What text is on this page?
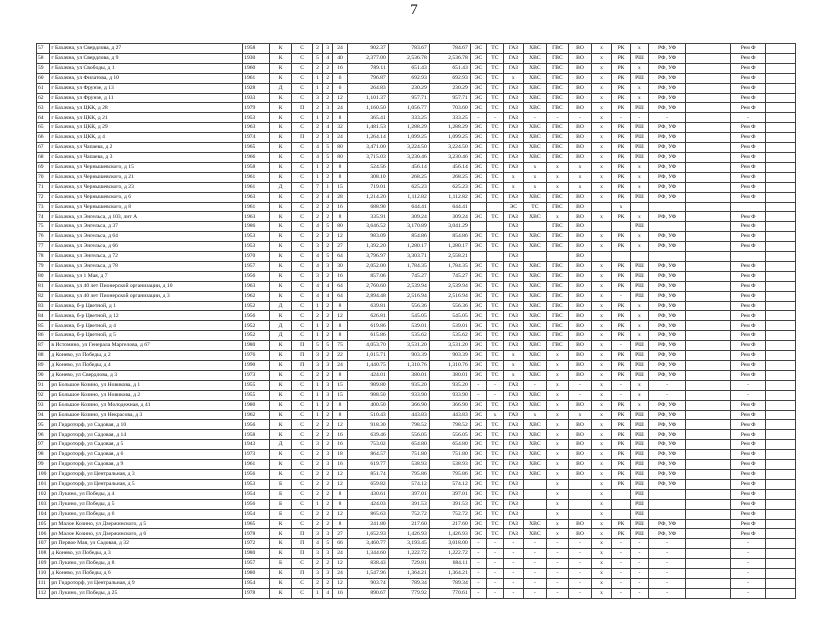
7
57	г Бахачна, ул Свердлова, д 27	1958	К	С	2	3	24	902.37	783.67	784.67	ЭС	ТС	ГАЗ	ХВС	ГВС	ВО	х	РК	х	РФ, УФ		Рем Ф	
58	г Бахачна, ул Свердлова, д 9	1930	К	С	5	4	40	2,377.00	2,536.78	2,536.78	ЭС	ТС	ГАЗ	ХВС	ГВС	ВО	х	РК	РШ	РФ, УФ		Рем Ф	
59	г Бахачна, ул Свободы, д 1	1960	К	С	2	2	16	789.11	651.43	651.43	ЭС	ТС	ГАЗ	ХВС	ГВС	ВО	х	РК	х	РФ, УФ		Рем Ф	
60	г Бахачна, ул Филатова, д 10	1961	К	С	1	2	6	796.87	692.93	692.93	ЭС	ТС	х	ХВС	ГВС	ВО	х	РК	РШ	РФ, УФ		Рем Ф	
61	г Бахачна, ул Фрунзе, д 13	1928	Д	С	1	2	6	264.83	230.29	230.29	ЭС	ТС	ГАЗ	ХВС	ГВС	ВО	х	РК	х	РФ, УФ		Рем Ф	
62	г Бахачна, ул Фрунзе, д 11	1933	К	С	3	2	12	1,101.37	957.71	957.71	ЭС	ТС	ГАЗ	ХВС	ГВС	ВО	х	РК	х	РФ, УФ		Рем Ф	
63	г Бахачна, ул ЦКК, д 28	1979	К	П	2	3	24	1,160.50	1,056.77	703.60	ЭС	ТС	ГАЗ	ХВС	ГВС	ВО	х	РК	РШ	РФ, УФ		Рем Ф	
64	г Бахачна, ул ЦКК, д 21	1953	К	С	1	2	8	365.41	333.25	333.25	-	-	ГАЗ	-	-	-	х	-	-	-		-	
65	г Бахачна, ул ЦКК, д 29	1963	К	С	2	4	32	1,481.53	1,288.29	1,288.29	ЭС	ТС	ГАЗ	ХВС	ГВС	ВО	х	РК	РШ	РФ, УФ		Рем Ф	
66	г Бахачна, ул ЦКК, д 4	1974	К	П	2	3	24	1,264.14	1,099.25	1,099.25	ЭС	ТС	ГАЗ	ХВС	ГВС	ВО	х	РК	РШ	РФ, УФ		Рем Ф	
67	г Бахачна, ул Чапаева, д 2	1965	К	С	4	5	80	3,471.00	3,224.50	3,224.50	ЭС	ТС	ГАЗ	ХВС	ГВС	ВО	х	РК	РШ	РФ, УФ		Рем Ф	
68	г Бахачна, ул Чапаева, д 3	1966	К	С	4	5	80	3,715.03	3,230.46	3,230.46	ЭС	ТС	ГАЗ	ХВС	ГВС	ВО	х	РК	РШ	РФ, УФ		Рем Ф	
69	г Бахачна, ул Чернышевского, д 15	1958	К	С	1	2	8	524.56	456.14	456.14	ЭС	ТС	ГАЗ	х	х	х	х	РК	х	РФ, УФ		Рем Ф	
70	г Бахачна, ул Чернышевского, д 21	1961	К	С	1	2	8	308.10	268.25	268.25	ЭС	ТС	х	х	х	х	х	РК	х	РФ, УФ		Рем Ф	
71	г Бахачна, ул Чернышевского, д 23	1961	Д	С	7	1	15	719.01	625.23	625.23	ЭС	ТС	х	х	х	х	х	РК	х	РФ, УФ		Рем Ф	
72	г Бахачна, ул Чернышевского, д 6	1963	К	С	2	4	28	1,214.20	1,112.82	1,112.82	ЭС	ТС	ГАЗ	ХВС	ГВС	ВО	х	РК	РШ	РФ, УФ		Рем Ф	
73	г Бахачна, ул Чернышевского, д 8	1961	К	С	2	2	16	688.90	644.41	644.41			ЭС	ТС	ГВС	ВО		х					
74	г Бахачна, ул Энгельса, д 103, лит А	1963	К	С	2	2	8	335.91	309.24	309.24	ЭС	ТС	ГАЗ	ХВС	х	ВО	х	РК	х	РФ, УФ		Рем Ф	
75	г Бахачна, ул Энгельса, д 37	1986	К	С	4	5	80	3,646.52	3,170.89	3,041.29			ГАЗ		ГВС	ВО			РШ			Рем Ф	
76	г Бахачна, ул Энгельса, д 64	1953	К	С	2	2	12	983.09	854.86	854.86	ЭС	ТС	ГАЗ	ХВС	ГВС	ВО	х	РК	х	РФ, УФ		Рем Ф	
77	г Бахачна, ул Энгельса, д 66	1953	К	С	3	2	27	1,392.20	1,280.17	1,280.17	ЭС	ТС	ГАЗ	ХВС	ГВС	ВО	х	РК	х	РФ, УФ		Рем Ф	
78	г Бахачна, ул Энгельса, д 72	1970	К	С	4	5	64	3,796.97	3,303.71	2,558.21			ГАЗ			ВО							
79	г Бахачна, ул Энгельса, д 78	1957	К	С	4	3	30	2,052.00	1,784.35	1,784.35	ЭС	ТС	ГАЗ	ХВС	ГВС	ВО	х	РК	РШ	РФ, УФ		Рем Ф	
80	г Бахачна, ул 1 Мая, д 7	1956	К	С	3	2	16	857.06	745.27	745.27	ЭС	ТС	ГАЗ	ХВС	ГВС	ВО	х	РК	РШ	РФ, УФ		Рем Ф	
81	г Бахачна, ул 40 лет Пионерской организации, д 10	1963	К	С	4	4	64	2,760.60	2,539.94	2,539.94	ЭС	ТС	ГАЗ	ХВС	ГВС	ВО	х	РК	РШ	РФ, УФ		Рем Ф	
82	г Бахачна, ул 40 лет Пионерской организации, д 3	1962	К	С	4	4	64	2,894.48	2,516.94	2,516.94	ЭС	ТС	ГАЗ	ХВС	ГВС	ВО	х	-	РШ	РФ, УФ		Рем Ф	
83	г Бахачна, б-р Цветной, д 1	1952	Д	С	1	2	8	639.81	556.36	556.36	ЭС	ТС	ГАЗ	ХВС	ГВС	ВО	х	РК	х	РФ, УФ		Рем Ф	
84	г Бахачна, б-р Цветной, д 12	1956	К	С	2	2	12	626.81	545.05	545.05	ЭС	ТС	ГАЗ	ХВС	ГВС	ВО	х	РК	х	РФ, УФ		Рем Ф	
85	г Бахачна, б-р Цветной, д 4	1952	Д	С	1	2	8	619.86	539.01	539.01	ЭС	ТС	ГАЗ	ХВС	ГВС	ВО	х	РК	х	РФ, УФ		Рем Ф	
86	г Бахачна, б-р Цветной, д 5	1952	Д	С	1	2	8	615.86	535.62	535.62	ЭС	ТС	ГАЗ	ХВС	ГВС	ВО	х	РК	х	РФ, УФ		Рем Ф	
87	в Истомино, ул Генерала Маргелова, д 67	1980	К	П	5	5	75	4,053.70	3,531.20	3,531.20	ЭС	ТС	ГАЗ	ХВС	ГВС	ВО	х	-	РШ	РФ, УФ		Рем Ф	
88	д Конево, ул Победы, д 2	1976	К	П	3	2	22	1,015.71	903.39	903.39	ЭС	ТС	х	ХВС	х	ВО	х	РК	РШ	РФ, УФ		Рем Ф	
89	д Конево, ул Победы, д 4	1990	К	П	3	3	24	1,440.75	1,310.76	1,310.76	ЭС	ТС	х	ХВС	х	ВО	х	РК	РШ	РФ, УФ		Рем Ф	
90	д Конево, ул Свердлова, д 3	1973	К	С	2	2	8	424.01	380.01	380.01	ЭС	ТС	х	ХВС	х	ВО	х	РК	РШ	РФ, УФ		Рем Ф	
91	рп Большое Козино, ул Новикова, д 1	1955	К	С	1	3	15	989.80	935.20	935.20	-	-	ГАЗ	-	х	-	х	-	х	-		-	
92	рп Большое Козино, ул Новикова, д 2	1955	К	С	1	3	15	988.50	933.90	933.90	-	-	ГАЗ	ХВС	х	-	х	-	х	-		-	
93	рп Большое Козино, ул Молодежная, д 41	1980	К	С	1	2	8	400.50	366.90	366.90	ЭС	ТС	ГАЗ	ХВС	х	ВО	х	РК	х	РФ, УФ		Рем Ф	
94	рп Большое Козино, ул Некрасова, д 3	1962	К	С	1	2	8	510.43	443.83	443.83	ЭС	х	ГАЗ	х	х	х	х	РК	РШ	РФ, УФ		Рем Ф	
95	рп Гидроторф, ул Садовая, д 10	1956	К	С	2	2	12	918.30	798.52	798.52	ЭС	ТС	ГАЗ	ХВС	х	ВО	х	РК	РШ	РФ, УФ		Рем Ф	
96	рп Гидроторф, ул Садовая, д 14	1958	К	С	2	2	16	639.46	556.05	556.05	ЭС	ТС	ГАЗ	ХВС	х	ВО	х	РК	РШ	РФ, УФ		Рем Ф	
97	рп Гидроторф, ул Садовая, д 5	1943	Д	С	3	2	16	753.02	654.80	654.80	ЭС	ТС	ГАЗ	ХВС	х	ВО	х	РК	РШ	РФ, УФ		Рем Ф	
98	рп Гидроторф, ул Садовая, д 6	1973	К	С	2	3	18	864.57	751.80	751.80	ЭС	ТС	ГАЗ	ХВС	х	ВО	х	РК	РШ	РФ, УФ		Рем Ф	
99	рп Гидроторф, ул Садовая, д 9	1961	К	С	2	3	16	619.77	538.93	538.93	ЭС	ТС	ГАЗ	ХВС	х	ВО	х	РК	РШ	РФ, УФ		Рем Ф	
100	рп Гидроторф, ул Центральная, д 3	1956	К	С	2	2	12	851.74	795.86	795.86	ЭС	ТС	ГАЗ	ХВС	х	ВО	х	РК	РШ	РФ, УФ		Рем Ф	
101	рп Гидроторф, ул Центральная, д 5	1953	Б	С	2	2	12	659.82	574.12	574.12	ЭС	ТС	ГАЗ		х		х	РК	РШ	РФ, УФ		Рем Ф	
102	рп Лукино, ул Победы, д 4	1954	Б	С	2	2	8	430.61	397.01	397.01	ЭС	ТС	ГАЗ		х		х		РШ			Рем Ф	
103	рп Лукино, ул Победы, д 5	1956	Б	С	1	2	8	424.03	391.53	391.53	ЭС	ТС	ГАЗ		х		х		РШ			Рем Ф	
104	рп Лукино, ул Победы, д 6	1954	Б	С	2	2	12	865.63	752.72	752.72	ЭС	ТС	ГАЗ		х		х		РШ			Рем Ф	
105	рп Малое Козино, ул Дзержинского, д 5	1965	К	С	2	2	8	241.80	217.60	217.60	ЭС	ТС	ГАЗ	ХВС	х	ВО	х	РК	РШ	РФ, УФ		Рем Ф	
106	рп Малое Козино, ул Дзержинского, д 6	1978	К	П	3	3	27	1,652.93	1,426.93	1,426.93	ЭС	ТС	ГАЗ	ХВС	х	ВО	х	РК	РШ	РФ, УФ		Рем Ф	
107	рп Первое Мая, ул Садовая, д 32	1972	К	П	4	5	66	3,460.77	3,193.45	3,018.00	-	-	-	-	-	-	х	-	-	-		-	
108	д Конево, ул Победы, д 3	1980	К	П	3	3	24	1,344.60	1,222.72	1,222.72	-	-	-	-	-	-	х	-	-	-		-	
109	рп Лукино, ул Победы, д 8	1957	Б	С	2	2	12	838.43	729.81	684.11	-	-	-	-	-	-	х	-	-	-		-	
110	д Конево, ул Победы, д 6	1980	К	П	3	3	24	1,547.96	1,364.21	1,364.21	-	-	-	-	-	-	х	-	-	-		-	
111	рп Гидроторф, ул Центральная, д 9	1954	К	С	2	2	12	903.74	789.34	789.34	-	-	-	-	-	-	х	-	-	-		-	
112	рп Лукино, ул Победы, д 25	1978	К	С	1	4	16	890.67	779.92	770.61	-	-	-	-	-	-	х	-	-	-		-	
